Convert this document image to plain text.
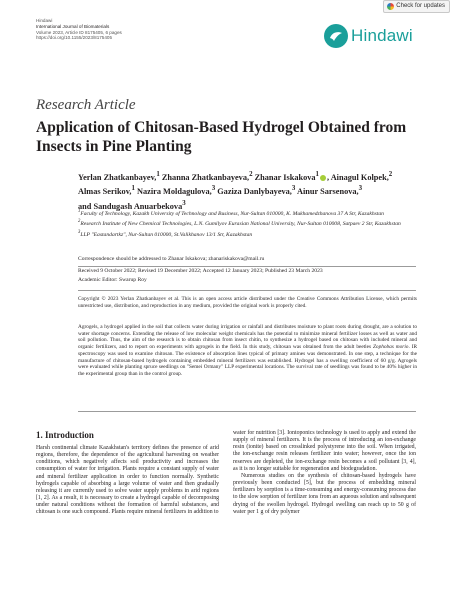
Check for updates
Hindawi
International Journal of Biomaterials
Volume 2023, Article ID 8175405, 6 pages
https://doi.org/10.1155/2023/8175405	Hindawi
Research Article
Application of Chitosan-Based Hydrogel Obtained from Insects in Pine Planting
Yerlan Zhatkanbayev,$^1$ Zhanna Zhatkanbayeva,$^2$ Zhanar Iskakova$^1$ , Ainagul Kolpek,$^2$
Almas Serikov,$^1$ Nazira Moldagulova,$^3$ Gaziza Danlybayeva,$^3$ Ainur Sarsenova,$^3$
and Sandugash Anuarbekova$^3$
$^1$Faculty of Technology, Kazakh University of Technology and Business, Nur-Sultan 010000, K. Mukhamedzhanova 37 A Str, Kazakhstan
$^2$Research Institute of New Chemical Technologies, L.N. Gumilyov Eurasian National University, Nur-Sultan 010008, Satpaev 2 Str, Kazakhstan
$^3$LLP "Eastandartkz", Nur-Sultan 010000, St.Valikhanov 13/1 Str, Kazakhstan
Correspondence should be addressed to Zhanar Iskakova; zhanariskakova@mail.ru
Received 9 October 2022; Revised 19 December 2022; Accepted 12 January 2023; Published 23 March 2023
Academic Editor: Swarup Roy
Copyright © 2023 Yerlan Zhatkanbayev et al. This is an open access article distributed under the Creative Commons Attribution License, which permits unrestricted use, distribution, and reproduction in any medium, provided the original work is properly cited.
Agrogels, a hydrogel applied in the soil that collects water during irrigation or rainfall and distributes moisture to plant roots during drought, are a solution to water shortage concerns. Extending the release of low molecular weight chemicals has the potential to minimize mineral fertilizer losses as well as water and soil pollution. Thus, the aim of the research is to obtain chitosan from insect chitin, to synthesize a hydrogel based on chitosan with included mineral and organic fertilizers, and to report on experiments with agrogels in the field. In this study, chitosan was obtained from the adult beetles Zophobas morio. IR spectroscopy was used to examine chitosan. The existence of absorption lines typical of primary amines was demonstrated. In one step, a technique for the manufacture of chitosan-based hydrogels containing embedded mineral fertilizers was established. Hydrogel has a swelling coefficient of 60 g/g. Agrogels were evaluated while planting spruce seedlings on "Semei Ormany" LLP experimental locations. The survival rate of seedlings was found to be 40% higher in the experimental group than in the control group.
1. Introduction

Harsh continental climate Kazakhstan's territory defines the presence of arid regions, therefore, the dependence of the agricultural harvesting on weather conditions, which negatively affects soil productivity and increases the consumption of water for irrigation. Plants require a constant supply of water and mineral fertilizer application in order to function normally. Synthetic hydrogels capable of absorbing a large volume of water and then gradually releasing it are currently used to solve water supply problems in arid regions [1, 2]. As a result, it is necessary to create a hydrogel capable of decomposing under natural conditions without the formation of harmful substances, and chitosan is one such compound. Plants require mineral fertilizers in addition to

water for nutrition [3]. Iontoponics technology is used to apply and extend the supply of mineral fertilizers. It is the process of introducing an ion-exchange resin (ionite) based on crosslinked polystyrene into the soil. When irrigated, the ion-exchange resin releases fertilizer into water; however, once the ion reserves are depleted, the ion-exchange resin becomes a soil pollutant [3, 4], as it is no longer suitable for regeneration and biodegradation.

Numerous studies on the synthesis of chitosan-based hydrogels have previously been conducted [5], but the process of embedding mineral fertilizers by sorption is a time-consuming and energy-consuming process due to the slow sorption of fertilizer ions from an aqueous solution and subsequent drying of the swollen hydrogel. Hydrogel swelling can reach up to 50 g of water per 1 g of dry polymer
